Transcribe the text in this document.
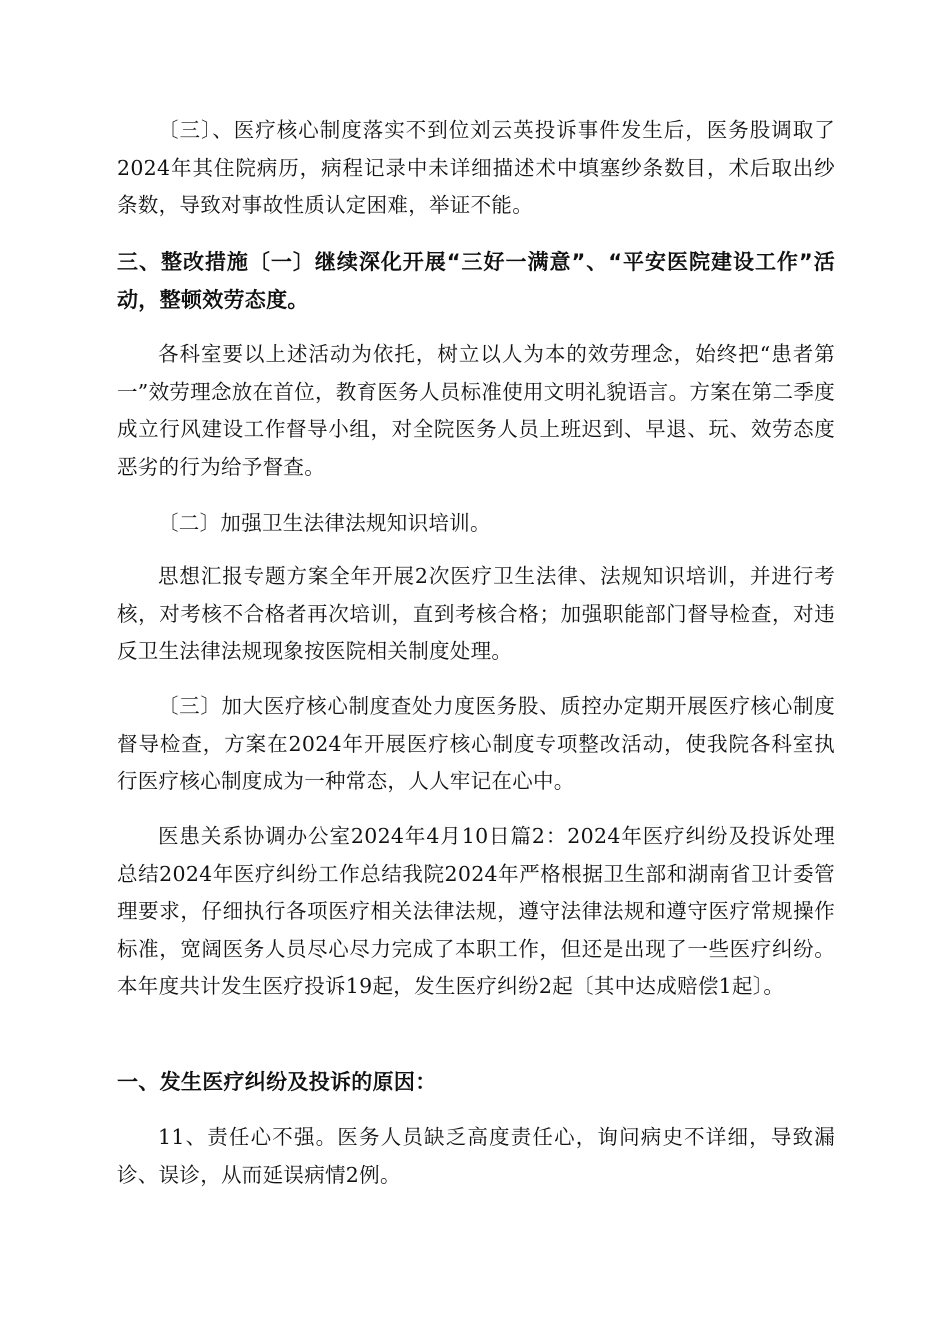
〔三〕、医疗核心制度落实不到位刘云英投诉事件发生后，医务股调取了2024年其住院病历，病程记录中未详细描述术中填塞纱条数目，术后取出纱条数，导致对事故性质认定困难，举证不能。

三、整改措施〔一〕继续深化开展“三好一满意”、“平安医院建设工作”活动，整顿效劳态度。

各科室要以上述活动为依托，树立以人为本的效劳理念，始终把“患者第一”效劳理念放在首位，教育医务人员标准使用文明礼貌语言。方案在第二季度成立行风建设工作督导小组，对全院医务人员上班迟到、早退、玩、效劳态度恶劣的行为给予督查。

〔二〕加强卫生法律法规知识培训。

思想汇报专题方案全年开展2次医疗卫生法律、法规知识培训，并进行考核，对考核不合格者再次培训，直到考核合格；加强职能部门督导检查，对违反卫生法律法规现象按医院相关制度处理。

〔三〕加大医疗核心制度查处力度医务股、质控办定期开展医疗核心制度督导检查，方案在2024年开展医疗核心制度专项整改活动，使我院各科室执行医疗核心制度成为一种常态，人人牢记在心中。

医患关系协调办公室2024年4月10日篇2：2024年医疗纠纷及投诉处理总结2024年医疗纠纷工作总结我院2024年严格根据卫生部和湖南省卫计委管理要求，仔细执行各项医疗相关法律法规，遵守法律法规和遵守医疗常规操作标准，宽阔医务人员尽心尽力完成了本职工作，但还是出现了一些医疗纠纷。本年度共计发生医疗投诉19起，发生医疗纠纷2起〔其中达成赔偿1起〕。

一、发生医疗纠纷及投诉的原因：

11、责任心不强。医务人员缺乏高度责任心，询问病史不详细，导致漏诊、误诊，从而延误病情2例。
